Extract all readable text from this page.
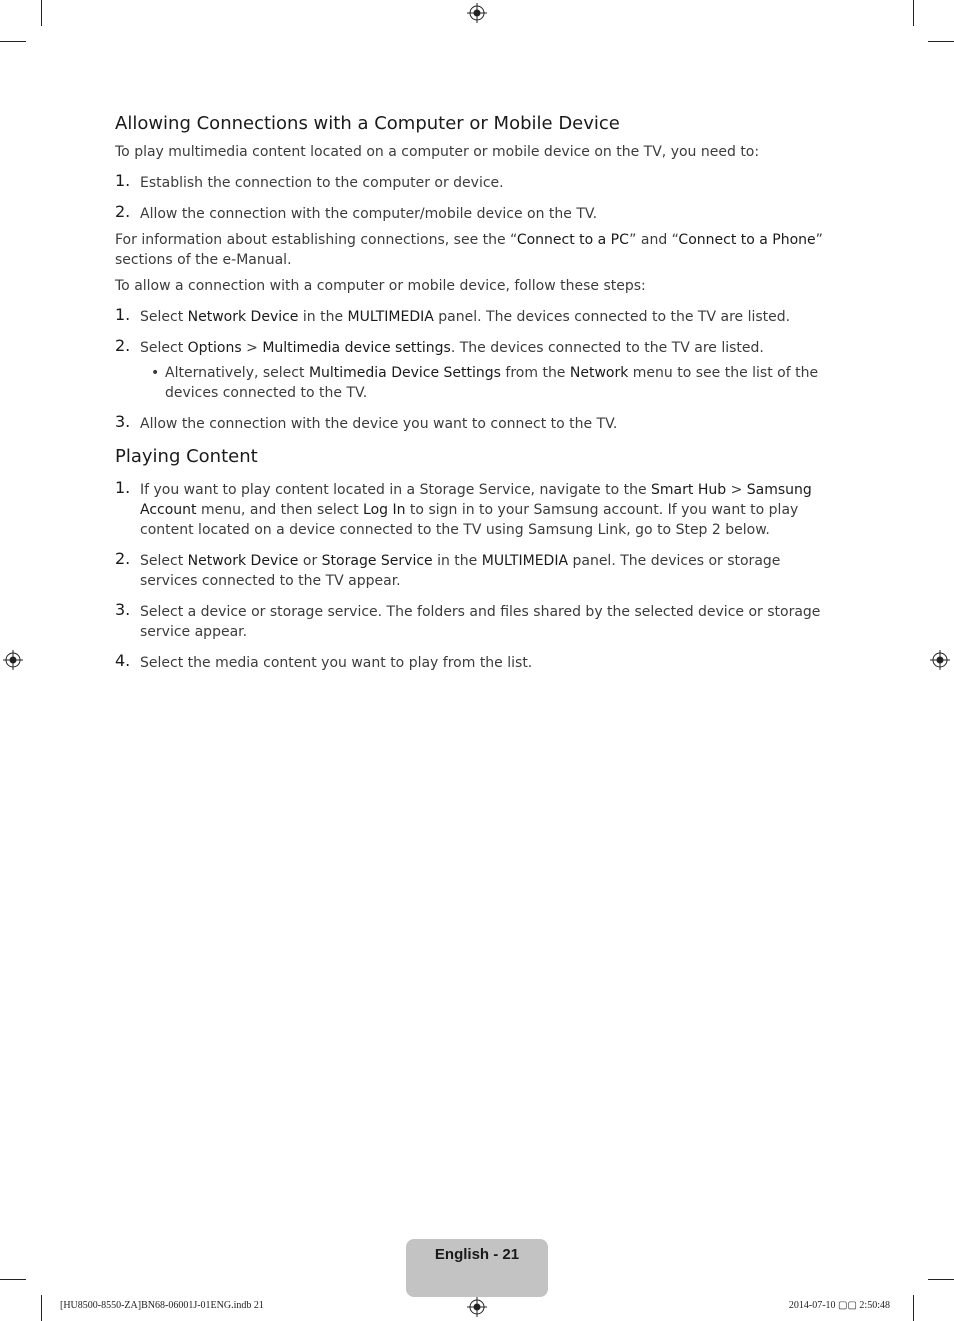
Allowing Connections with a Computer or Mobile Device

To play multimedia content located on a computer or mobile device on the TV, you need to:

1. Establish the connection to the computer or device.
2. Allow the connection with the computer/mobile device on the TV.

For information about establishing connections, see the “Connect to a PC” and “Connect to a Phone” sections of the e-Manual.

To allow a connection with a computer or mobile device, follow these steps:

1. Select Network Device in the MULTIMEDIA panel. The devices connected to the TV are listed.
2. Select Options > Multimedia device settings. The devices connected to the TV are listed.
• Alternatively, select Multimedia Device Settings from the Network menu to see the list of the devices connected to the TV.
3. Allow the connection with the device you want to connect to the TV.
Playing Content
1. If you want to play content located in a Storage Service, navigate to the Smart Hub > Samsung Account menu, and then select Log In to sign in to your Samsung account. If you want to play content located on a device connected to the TV using Samsung Link, go to Step 2 below.
2. Select Network Device or Storage Service in the MULTIMEDIA panel. The devices or storage services connected to the TV appear.
3. Select a device or storage service. The folders and files shared by the selected device or storage service appear.
4. Select the media content you want to play from the list.
English - 21
[HU8500-8550-ZA]BN68-06001J-01ENG.indb 21	2014-07-10 ▢▢ 2:50:48
